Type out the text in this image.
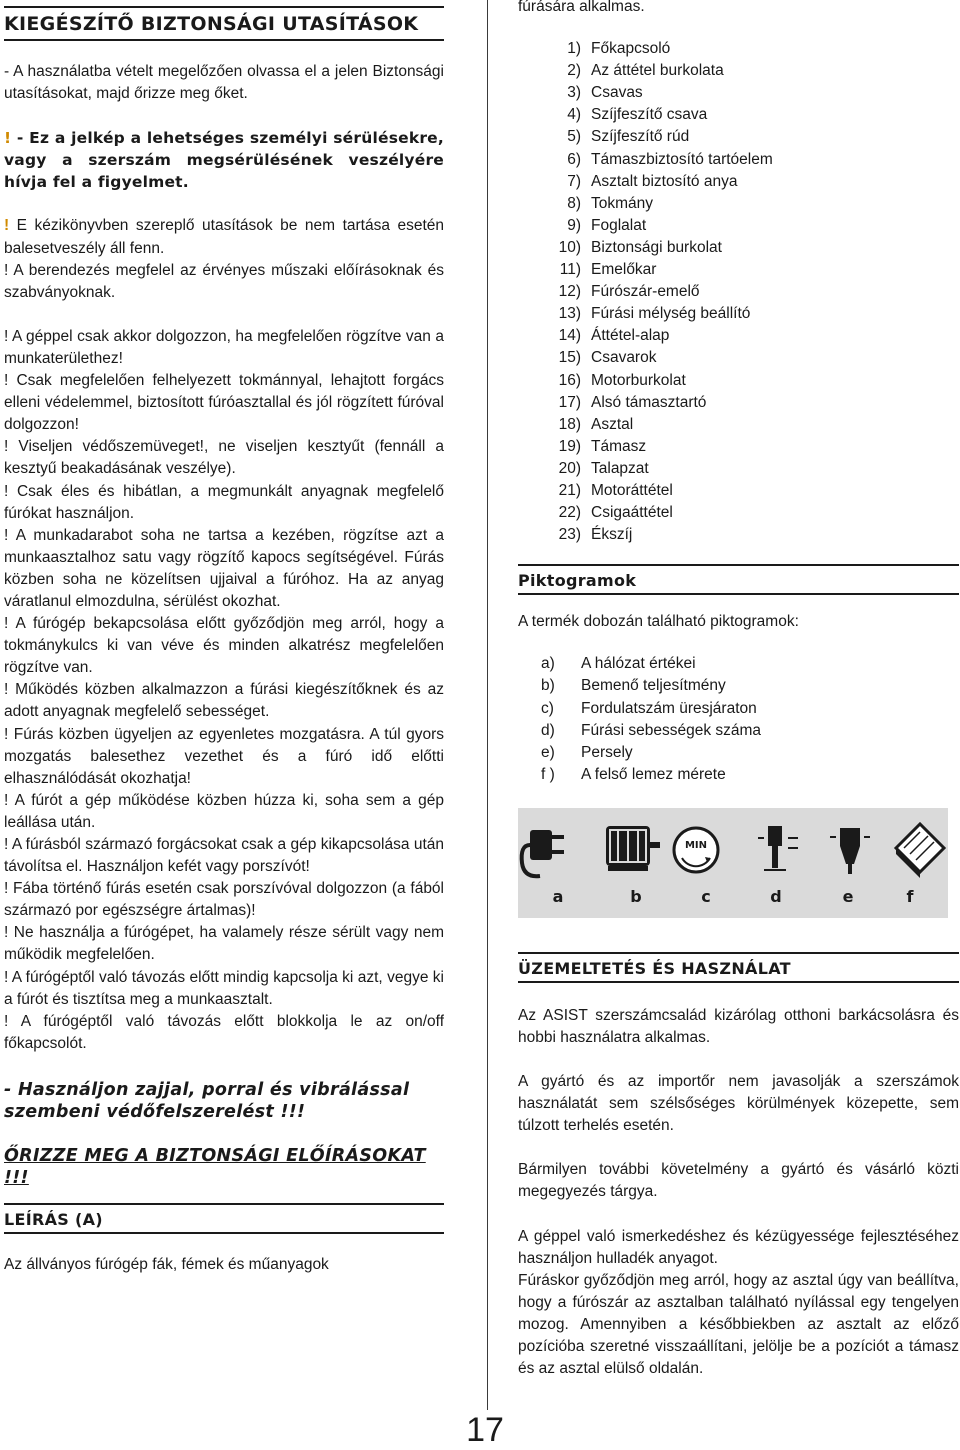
KIEGÉSZÍTŐ BIZTONSÁGI UTASÍTÁSOK

- A használatba vételt megelőzően olvassa el a jelen Biztonsági utasításokat, majd őrizze meg őket.

! - Ez a jelkép a lehetséges személyi sérülésekre, vagy a szerszám megsérülésének veszélyére hívja fel a figyelmet.

! E kézikönyvben szereplő utasítások be nem tartása esetén balesetveszély áll fenn.

! A berendezés megfelel az érvényes műszaki előírásoknak és szabványoknak.

! A géppel csak akkor dolgozzon, ha megfelelően rögzítve van a munkaterülethez!

! Csak megfelelően felhelyezett tokmánnyal, lehajtott forgács elleni védelemmel, biztosított fúróasztallal és jól rögzített fúróval dolgozzon!

! Viseljen védőszemüveget!, ne viseljen kesztyűt (fennáll a kesztyű beakadásának veszélye).

! Csak éles és hibátlan, a megmunkált anyagnak megfelelő fúrókat használjon.

! A munkadarabot soha ne tartsa a kezében, rögzítse azt a munkaasztalhoz satu vagy rögzítő kapocs segítségével. Fúrás közben soha ne közelítsen ujjaival a fúróhoz. Ha az anyag váratlanul elmozdulna, sérülést okozhat.

! A fúrógép bekapcsolása előtt győződjön meg arról, hogy a tokmánykulcs ki van véve és minden alkatrész megfelelően rögzítve van.

! Működés közben alkalmazzon a fúrási kiegészítőknek és az adott anyagnak megfelelő sebességet.

! Fúrás közben ügyeljen az egyenletes mozgatásra. A túl gyors mozgatás balesethez vezethet és a fúró idő előtti elhasználódását okozhatja!

! A fúrót a gép működése közben húzza ki, soha sem a gép leállása után.

! A fúrásból származó forgácsokat csak a gép kikapcsolása után távolítsa el. Használjon kefét vagy porszívót!

! Fába történő fúrás esetén csak porszívóval dolgozzon (a fából származó por egészségre ártalmas)!

! Ne használja a fúrógépet, ha valamely része sérült vagy nem működik megfelelően.

! A fúrógéptől való távozás előtt mindig kapcsolja ki azt, vegye ki a fúrót és tisztítsa meg a munkaasztalt.

! A fúrógéptől való távozás előtt blokkolja le az on/off főkapcsolót.

- Használjon zajjal, porral és vibrálással szembeni védőfelszerelést !!!
ŐRIZZE MEG A BIZTONSÁGI ELŐÍRÁSOKAT !!!
LEÍRÁS (A)

Az állványos fúrógép fák, fémek és műanyagok

fúrására alkalmas.

1) Főkapcsoló
2) Az áttétel burkolata
3) Csavas
4) Szíjfeszítő csava
5) Szíjfeszítő rúd
6) Támaszbiztosító tartóelem
7) Asztalt biztosító anya
8) Tokmány
9) Foglalat
10) Biztonsági burkolat
11) Emelőkar
12) Fúrószár-emelő
13) Fúrási mélység beállító
14) Áttétel-alap
15) Csavarok
16) Motorburkolat
17) Alsó támasztartó
18) Asztal
19) Támasz
20) Talapzat
21) Motoráttétel
22) Csigaáttétel
23) Ékszíj
Piktogramok

A termék dobozán található piktogramok:

a)	A hálózat értékei
b)	Bemenő teljesítmény
c)	Fordulatszám üresjáraton
d)	Fúrási sebességek száma
e)	Persely
f )	A felső lemez mérete
MIN
a	b	c	d	e	f
ÜZEMELTETÉS ÉS HASZNÁLAT

Az ASIST szerszámcsalád kizárólag otthoni barkácsolásra és hobbi használatra alkalmas.

A gyártó és az importőr nem javasolják a szerszámok használatát sem szélsőséges körülmények közepette, sem túlzott terhelés esetén.

Bármilyen további követelmény a gyártó és vásárló közti megegyezés tárgya.

A géppel való ismerkedéshez és kézügyessége fejlesztéséhez használjon hulladék anyagot.

Fúráskor győződjön meg arról, hogy az asztal úgy van beállítva, hogy a fúrószár az asztalban található nyílással egy tengelyen mozog. Amennyiben a későbbiekben az asztalt az előző pozícióba szeretné visszaállítani, jelölje be a pozíciót a támasz és az asztal elülső oldalán.

17
